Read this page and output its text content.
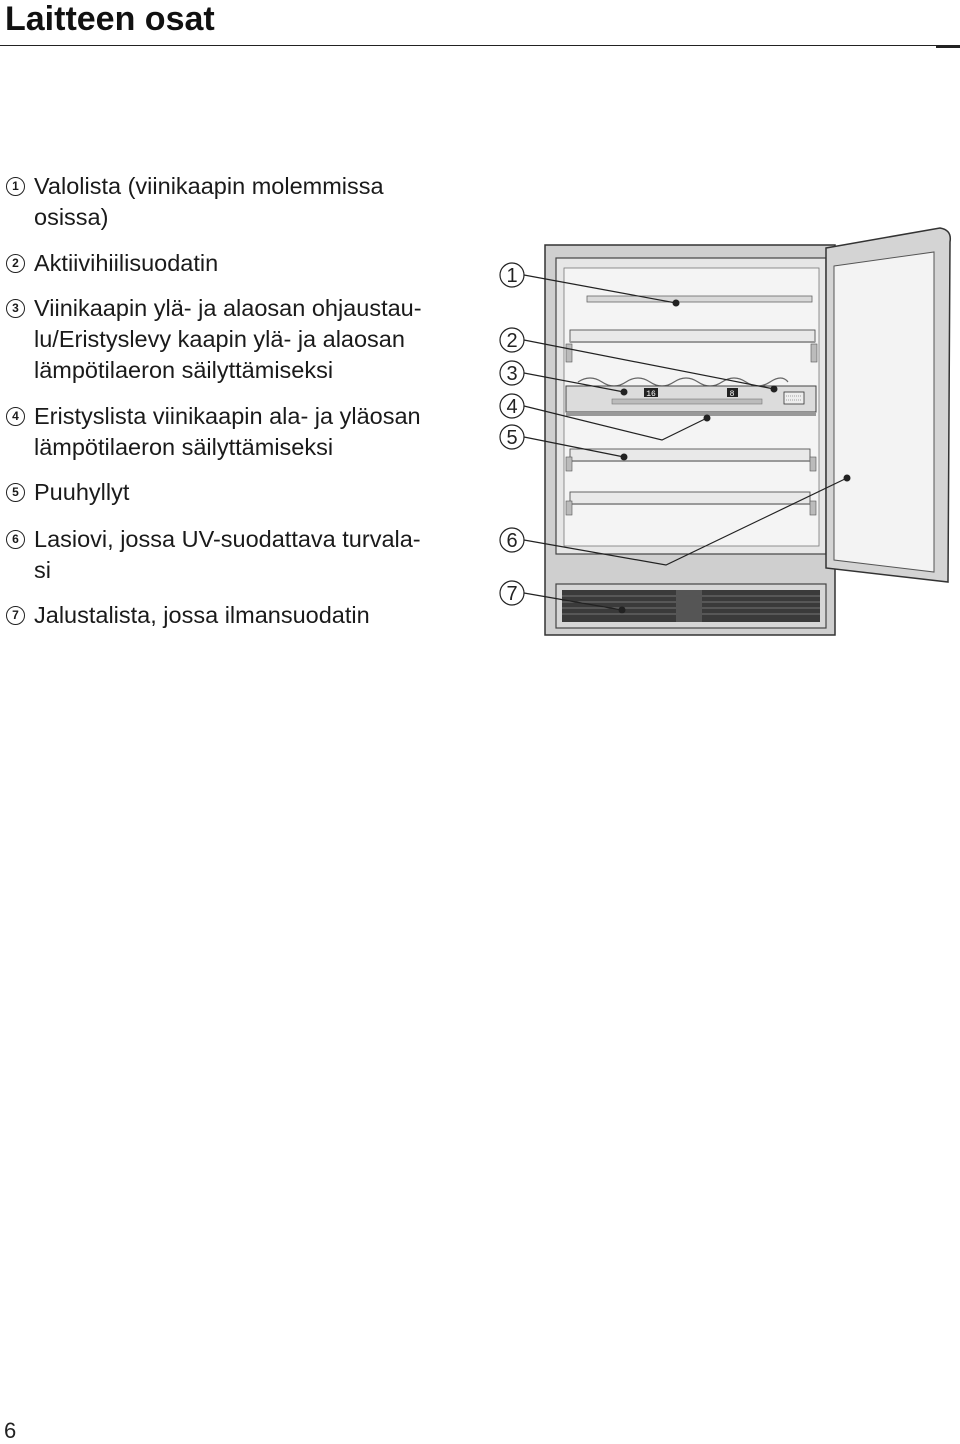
Laitteen osat
1 Valolista (viinikaapin molemmissa
osissa)
2 Aktiivihiilisuodatin
3 Viinikaapin ylä- ja alaosan ohjaustau-
lu/Eristyslevy kaapin ylä- ja alaosan
lämpötilaeron säilyttämiseksi
4 Eristyslista viinikaapin ala- ja yläosan
lämpötilaeron säilyttämiseksi
5 Puuhyllyt
6 Lasiovi, jossa UV-suodattava turvala-
si
7 Jalustalista, jossa ilmansuodatin
16	8
1
2
3
4
5
6
7
6
